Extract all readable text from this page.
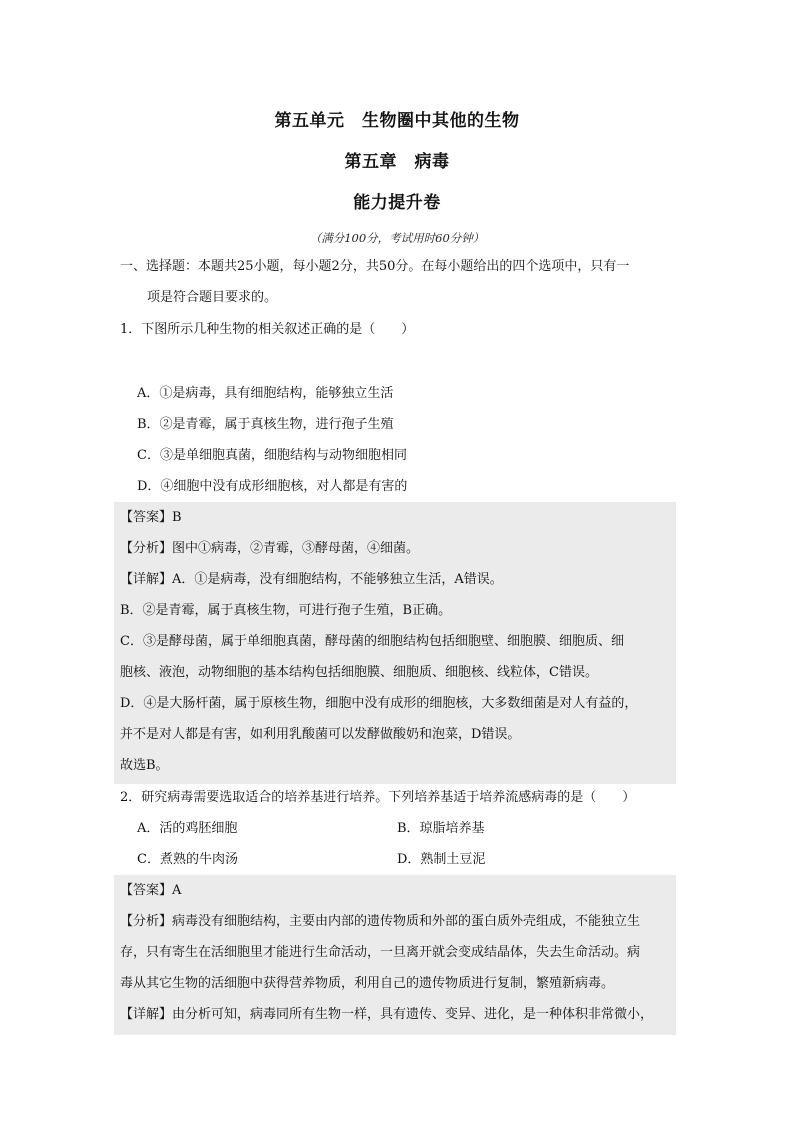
第五单元　生物圈中其他的生物
第五章　病毒
能力提升卷
（满分100分，考试用时60分钟）
一、选择题：本题共25小题，每小题2分，共50分。在每小题给出的四个选项中，只有一
项是符合题目要求的。
1．下图所示几种生物的相关叙述正确的是（　　）
A．①是病毒，具有细胞结构，能够独立生活
B．②是青霉，属于真核生物，进行孢子生殖
C．③是单细胞真菌，细胞结构与动物细胞相同
D．④细胞中没有成形细胞核，对人都是有害的
【答案】B
【分析】图中①病毒，②青霉，③酵母菌，④细菌。
【详解】A．①是病毒，没有细胞结构，不能够独立生活，A错误。
B．②是青霉，属于真核生物，可进行孢子生殖，B正确。
C．③是酵母菌，属于单细胞真菌，酵母菌的细胞结构包括细胞壁、细胞膜、细胞质、细
胞核、液泡，动物细胞的基本结构包括细胞膜、细胞质、细胞核、线粒体，C错误。
D．④是大肠杆菌，属于原核生物，细胞中没有成形的细胞核，大多数细菌是对人有益的，
并不是对人都是有害，如利用乳酸菌可以发酵做酸奶和泡菜，D错误。
故选B。
2．研究病毒需要选取适合的培养基进行培养。下列培养基适于培养流感病毒的是（　　）
A．活的鸡胚细胞	B．琼脂培养基
C．煮熟的牛肉汤	D．熟制土豆泥
【答案】A
【分析】病毒没有细胞结构，主要由内部的遗传物质和外部的蛋白质外壳组成，不能独立生
存，只有寄生在活细胞里才能进行生命活动，一旦离开就会变成结晶体，失去生命活动。病
毒从其它生物的活细胞中获得营养物质，利用自己的遗传物质进行复制，繁殖新病毒。
【详解】由分析可知，病毒同所有生物一样，具有遗传、变异、进化，是一种体积非常微小，
